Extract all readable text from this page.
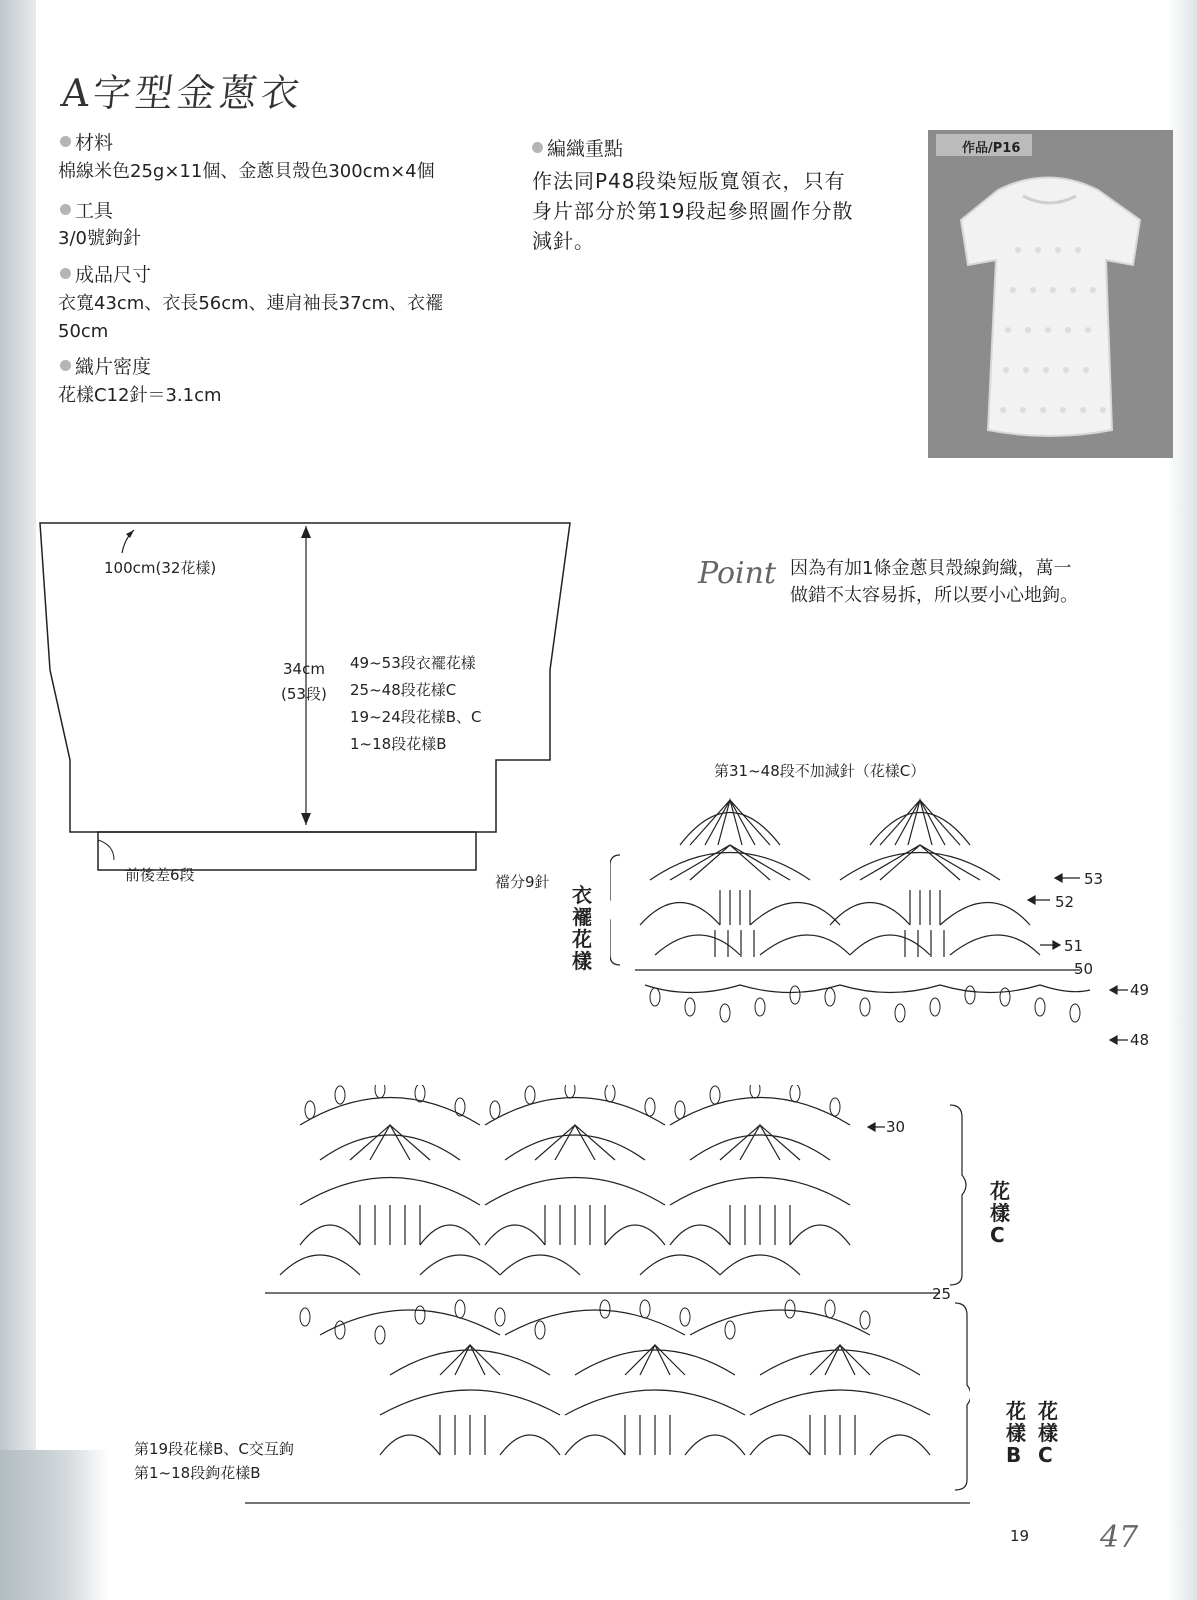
A字型金蔥衣
材料
棉線米色25g×11個、金蔥貝殼色300cm×4個
工具
3/0號鉤針
成品尺寸
衣寬43cm、衣長56cm、連肩袖長37cm、衣襬
50cm
織片密度
花樣C12針＝3.1cm
編織重點
作法同P48段染短版寬領衣，只有
身片部分於第19段起參照圖作分散
減針。
作品/P16
100cm(32花樣)
34cm
(53段)
49~53段衣襬花樣
25~48段花樣C
19~24段花樣B、C
1~18段花樣B
前後差6段	襠分9針
Point 因為有加1條金蔥貝殼線鉤織，萬一
做錯不太容易拆，所以要小心地鉤。
第31~48段不加減針（花樣C）
53
52
51
50
49
48
衣襬花樣
30
25
19
花樣C
花樣B
花樣C
第19段花樣B、C交互鉤
第1~18段鉤花樣B
47
